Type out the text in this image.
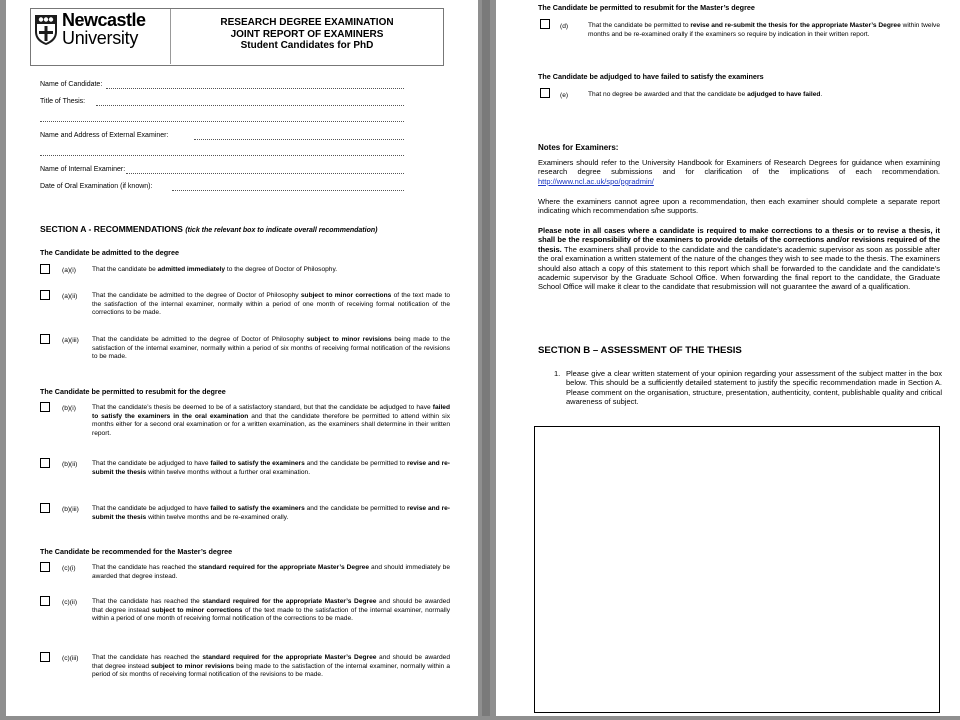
Newcastle
University
RESEARCH DEGREE EXAMINATION
JOINT REPORT OF EXAMINERS
Student Candidates for PhD
Name of Candidate:
Title of Thesis:
Name and Address of External Examiner:
Name of Internal Examiner:
Date of Oral Examination (if known):
SECTION A - RECOMMENDATIONS (tick the relevant box to indicate overall recommendation)
The Candidate be admitted to the degree
(a)(i) That the candidate be admitted immediately to the degree of Doctor of Philosophy.
(a)(ii) That the candidate be admitted to the degree of Doctor of Philosophy subject to minor corrections of the text made to the satisfaction of the internal examiner, normally within a period of one month of receiving formal notification of the corrections to be made.
(a)(iii) That the candidate be admitted to the degree of Doctor of Philosophy subject to minor revisions being made to the satisfaction of the internal examiner, normally within a period of six months of receiving formal notification of the revisions to be made.
The Candidate be permitted to resubmit for the degree
(b)(i) That the candidate’s thesis be deemed to be of a satisfactory standard, but that the candidate be adjudged to have failed to satisfy the examiners in the oral examination and that the candidate therefore be permitted to attend within six months either for a second oral examination or for a written examination, as the examiners shall determine in their written report.
(b)(ii) That the candidate be adjudged to have failed to satisfy the examiners and the candidate be permitted to revise and re-submit the thesis within twelve months without a further oral examination.
(b)(iii) That the candidate be adjudged to have failed to satisfy the examiners and the candidate be permitted to revise and re-submit the thesis within twelve months and be re-examined orally.
The Candidate be recommended for the Master’s degree
(c)(i) That the candidate has reached the standard required for the appropriate Master’s Degree and should immediately be awarded that degree instead.
(c)(ii) That the candidate has reached the standard required for the appropriate Master’s Degree and should be awarded that degree instead subject to minor corrections of the text made to the satisfaction of the internal examiner, normally within a period of one month of receiving formal notification of the corrections to be made.
(c)(iii) That the candidate has reached the standard required for the appropriate Master’s Degree and should be awarded that degree instead subject to minor revisions being made to the satisfaction of the internal examiner, normally within a period of six months of receiving formal notification of the revisions to be made.
The Candidate be permitted to resubmit for the Master’s degree
(d)	That the candidate be permitted to revise and re-submit the thesis for the appropriate Master’s Degree within twelve months and be re-examined orally if the examiners so require by indication in their written report.
The Candidate be adjudged to have failed to satisfy the examiners
(e)	That no degree be awarded and that the candidate be adjudged to have failed.
Notes for Examiners:
Examiners should refer to the University Handbook for Examiners of Research Degrees for guidance when examining research degree submissions and for clarification of the implications of each recommendation. http://www.ncl.ac.uk/spo/pgradmin/
Where the examiners cannot agree upon a recommendation, then each examiner should complete a separate report indicating which recommendation s/he supports.
Please note in all cases where a candidate is required to make corrections to a thesis or to revise a thesis, it shall be the responsibility of the examiners to provide details of the corrections and/or revisions required of the thesis. The examiners shall provide to the candidate and the candidate’s academic supervisor as soon as possible after the oral examination a written statement of the nature of the changes they wish to see made to the thesis. The examiners should also attach a copy of this statement to this report which shall be forwarded to the candidate and the candidate’s academic supervisor by the Graduate School Office. When forwarding the final report to the candidate, the Graduate School Office will make it clear to the candidate that resubmission will not guarantee the award of a qualification.
SECTION B – ASSESSMENT OF THE THESIS
1. Please give a clear written statement of your opinion regarding your assessment of the subject matter in the box below. This should be a sufficiently detailed statement to justify the specific recommendation made in Section A. Please comment on the organisation, structure, presentation, authenticity, content, publishable quality and critical awareness of subject.
